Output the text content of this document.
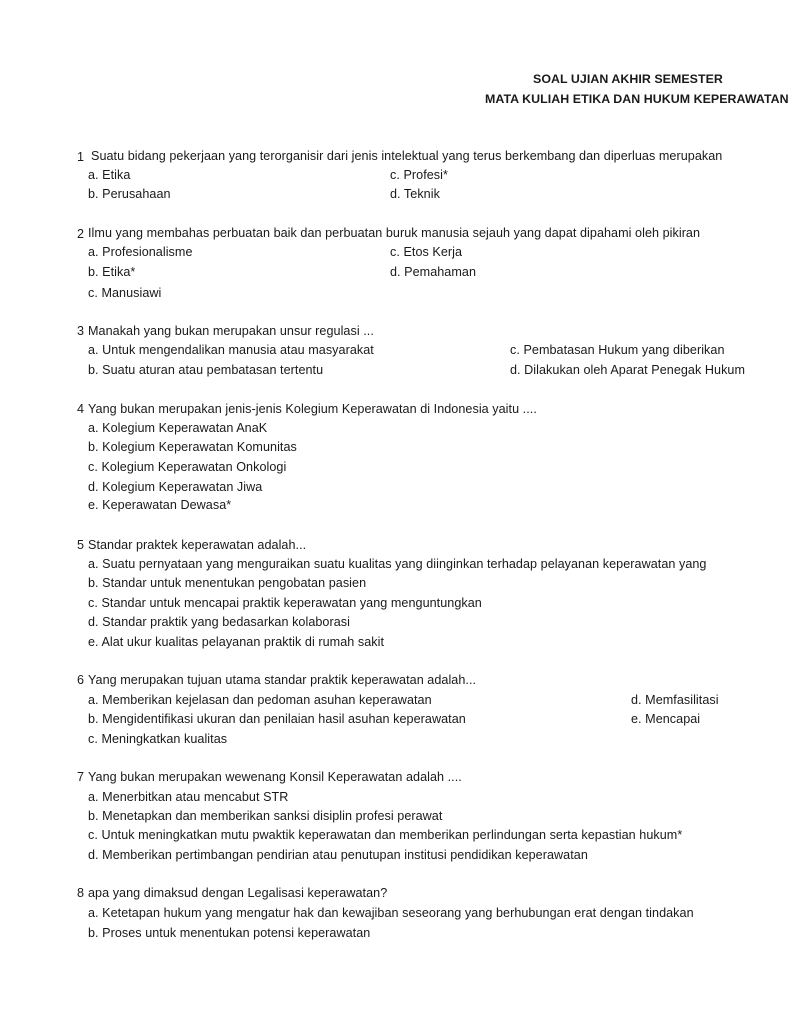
SOAL UJIAN AKHIR SEMESTER
MATA KULIAH ETIKA DAN HUKUM KEPERAWATAN
1 Suatu bidang pekerjaan yang terorganisir dari jenis intelektual yang terus berkembang dan diperluas merupakan
a. Etika	c. Profesi*
b. Perusahaan	d. Teknik
2 Ilmu yang membahas perbuatan baik dan perbuatan buruk manusia sejauh yang dapat dipahami oleh pikiran
a. Profesionalisme	c. Etos Kerja
b. Etika*	d. Pemahaman
c. Manusiawi
3 Manakah yang bukan merupakan unsur regulasi ...
a. Untuk mengendalikan manusia atau masyarakat	c. Pembatasan Hukum yang diberikan
b. Suatu aturan atau pembatasan tertentu	d. Dilakukan oleh Aparat Penegak Hukum
4 Yang bukan merupakan jenis-jenis Kolegium Keperawatan di Indonesia yaitu ....
a. Kolegium Keperawatan AnaK
b. Kolegium Keperawatan Komunitas
c. Kolegium Keperawatan Onkologi
d. Kolegium Keperawatan Jiwa
e. Keperawatan Dewasa*
5 Standar praktek keperawatan adalah...
a. Suatu pernyataan yang menguraikan suatu kualitas yang diinginkan terhadap pelayanan keperawatan yang
b. Standar untuk menentukan pengobatan pasien
c. Standar untuk mencapai praktik keperawatan yang menguntungkan
d. Standar praktik yang bedasarkan kolaborasi
e. Alat ukur kualitas pelayanan praktik di rumah sakit
6 Yang merupakan tujuan utama standar praktik keperawatan adalah...
a. Memberikan kejelasan dan pedoman asuhan keperawatan	d. Memfasilitasi
b. Mengidentifikasi ukuran dan penilaian hasil asuhan keperawatan	e. Mencapai
c. Meningkatkan kualitas
7 Yang bukan merupakan wewenang Konsil Keperawatan adalah ....
a. Menerbitkan atau mencabut STR
b. Menetapkan dan memberikan sanksi disiplin profesi perawat
c. Untuk meningkatkan mutu pwaktik keperawatan dan memberikan perlindungan serta kepastian hukum*
d. Memberikan pertimbangan pendirian atau penutupan institusi pendidikan keperawatan
8 apa yang dimaksud dengan Legalisasi keperawatan?
a. Ketetapan hukum yang mengatur hak dan kewajiban seseorang yang berhubungan erat dengan tindakan
b. Proses untuk menentukan potensi keperawatan
